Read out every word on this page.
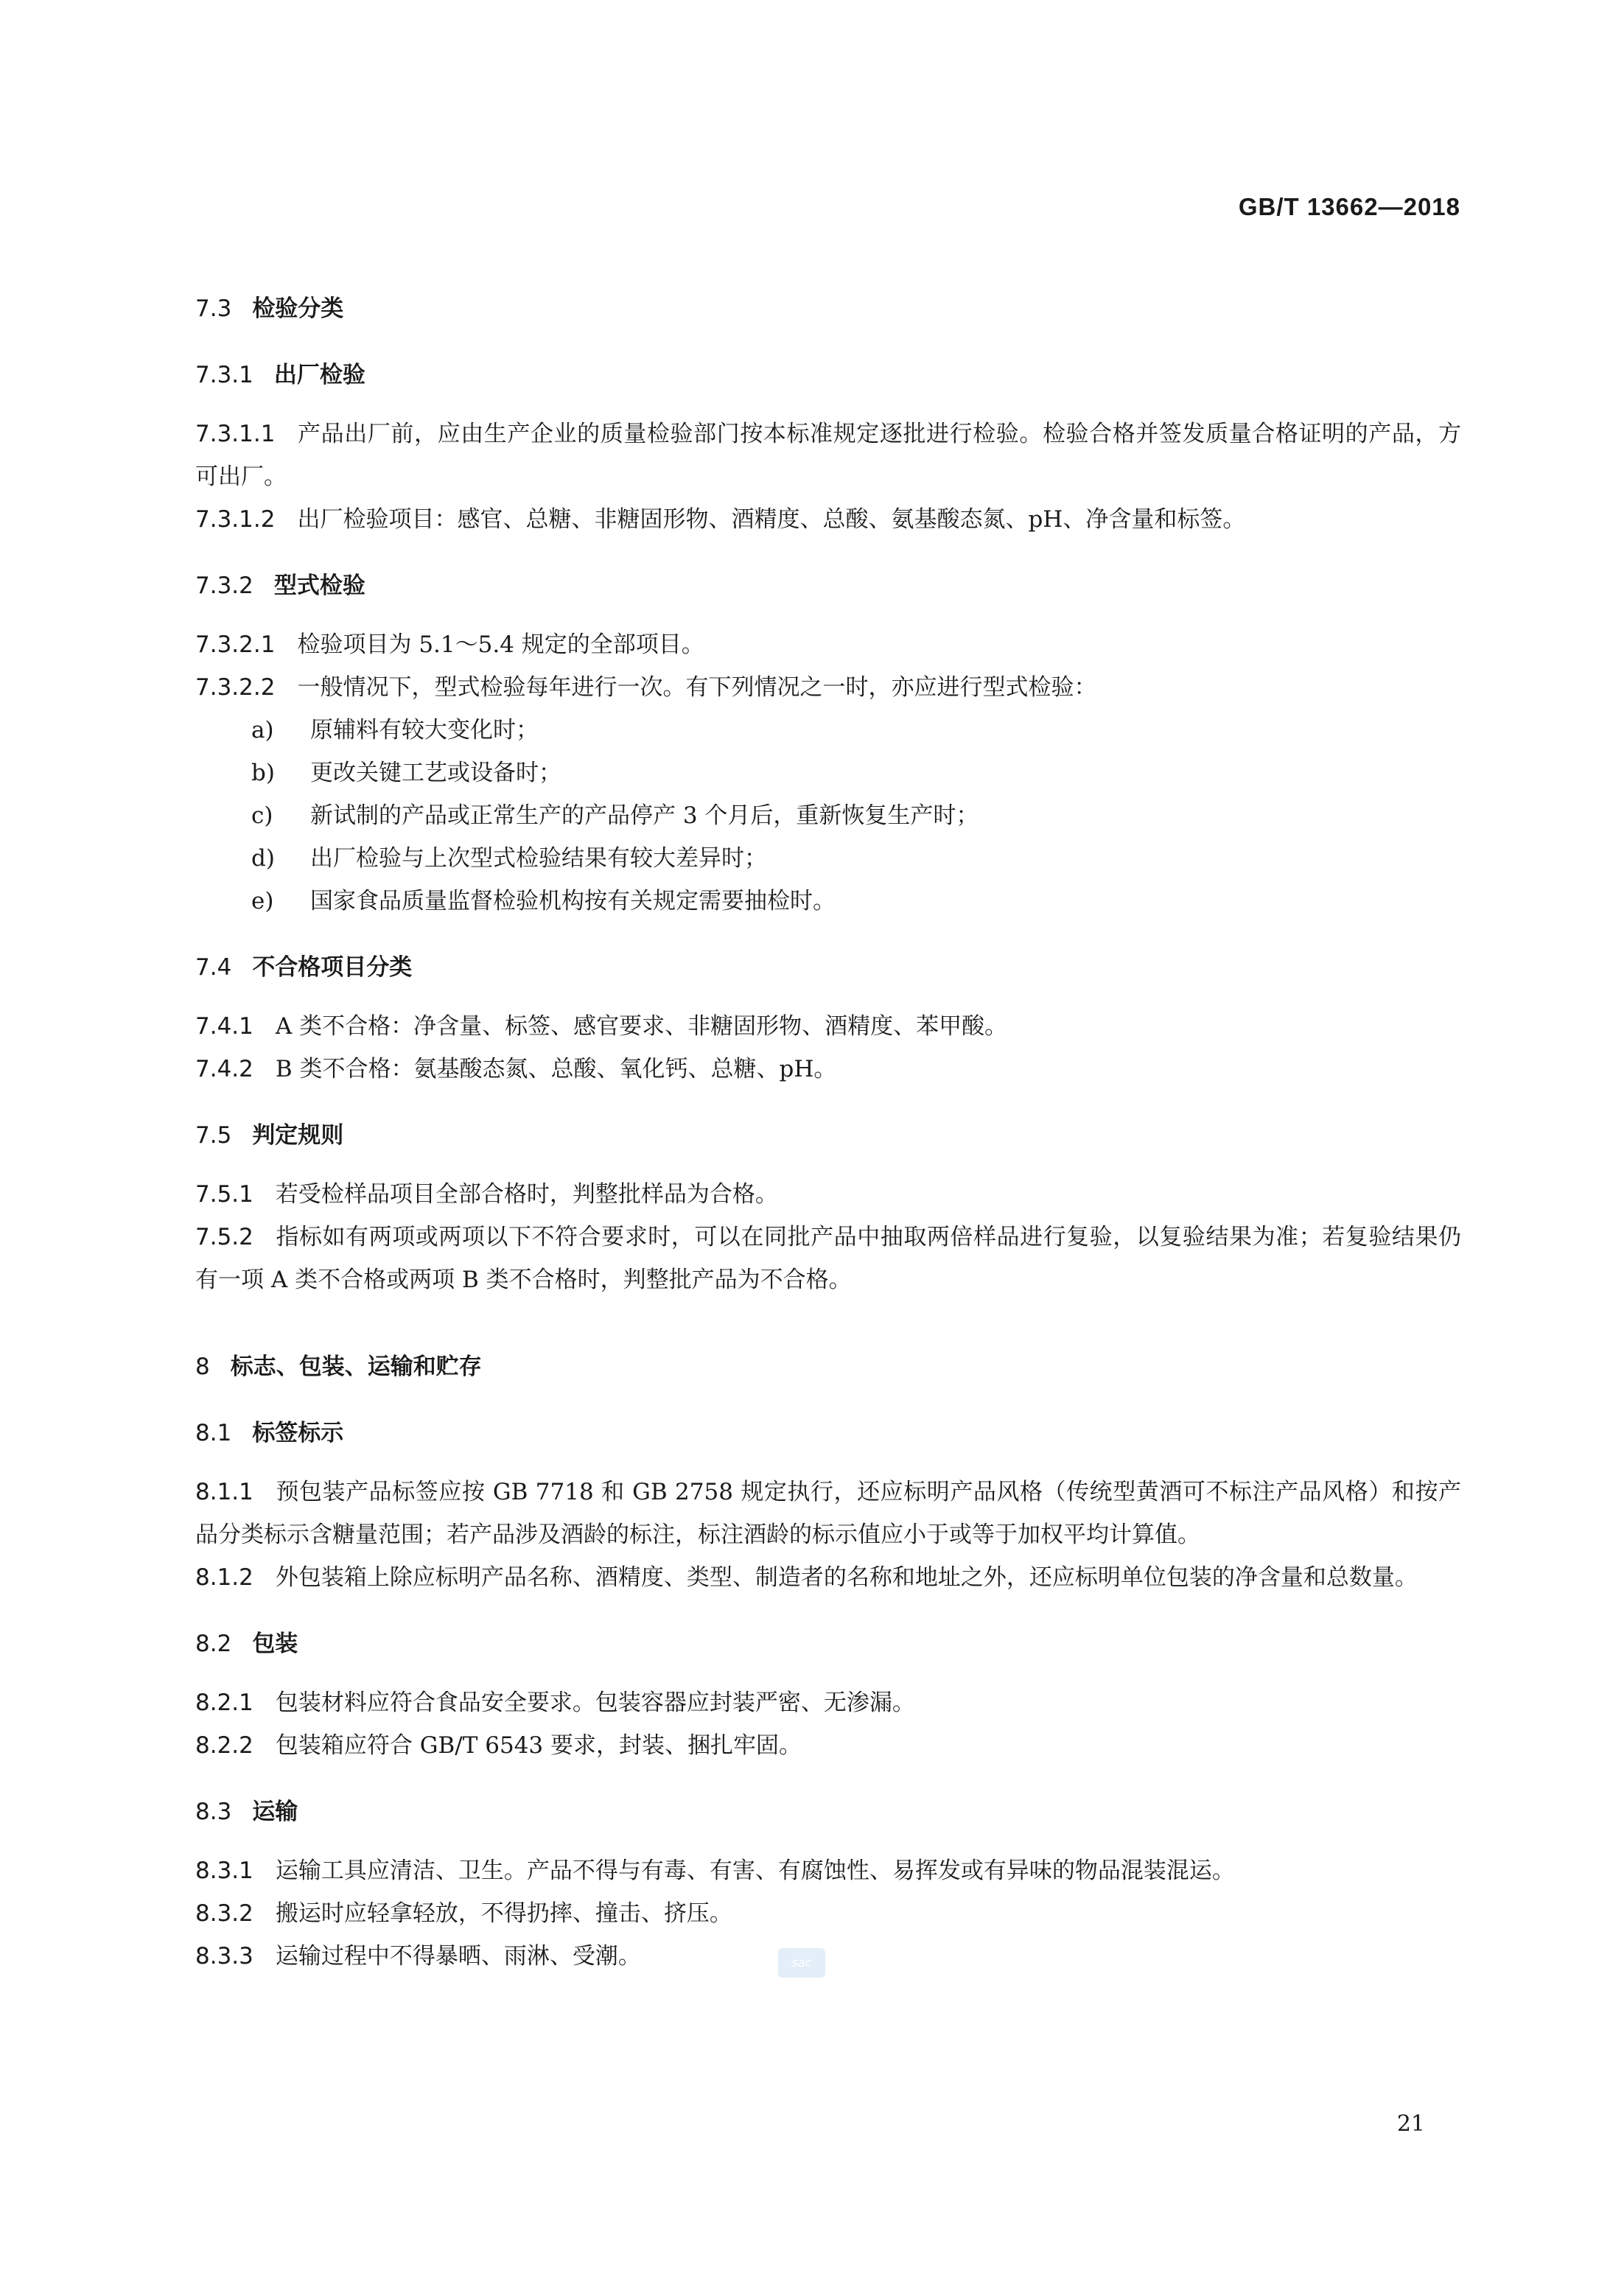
GB/T 13662—2018
7.3 检验分类
7.3.1 出厂检验

7.3.1.1 产品出厂前，应由生产企业的质量检验部门按本标准规定逐批进行检验。检验合格并签发质量合格证明的产品，方可出厂。

7.3.1.2 出厂检验项目：感官、总糖、非糖固形物、酒精度、总酸、氨基酸态氮、pH、净含量和标签。

7.3.2 型式检验

7.3.2.1 检验项目为 5.1～5.4 规定的全部项目。

7.3.2.2 一般情况下，型式检验每年进行一次。有下列情况之一时，亦应进行型式检验：

a) 原辅料有较大变化时；
b) 更改关键工艺或设备时；
c) 新试制的产品或正常生产的产品停产 3 个月后，重新恢复生产时；
d) 出厂检验与上次型式检验结果有较大差异时；
e) 国家食品质量监督检验机构按有关规定需要抽检时。
7.4 不合格项目分类

7.4.1 A 类不合格：净含量、标签、感官要求、非糖固形物、酒精度、苯甲酸。

7.4.2 B 类不合格：氨基酸态氮、总酸、氧化钙、总糖、pH。

7.5 判定规则

7.5.1 若受检样品项目全部合格时，判整批样品为合格。

7.5.2 指标如有两项或两项以下不符合要求时，可以在同批产品中抽取两倍样品进行复验，以复验结果为准；若复验结果仍有一项 A 类不合格或两项 B 类不合格时，判整批产品为不合格。

8 标志、包装、运输和贮存
8.1 标签标示

8.1.1 预包装产品标签应按 GB 7718 和 GB 2758 规定执行，还应标明产品风格（传统型黄酒可不标注产品风格）和按产品分类标示含糖量范围；若产品涉及酒龄的标注，标注酒龄的标示值应小于或等于加权平均计算值。

8.1.2 外包装箱上除应标明产品名称、酒精度、类型、制造者的名称和地址之外，还应标明单位包装的净含量和总数量。

8.2 包装

8.2.1 包装材料应符合食品安全要求。包装容器应封装严密、无渗漏。

8.2.2 包装箱应符合 GB/T 6543 要求，封装、捆扎牢固。

8.3 运输

8.3.1 运输工具应清洁、卫生。产品不得与有毒、有害、有腐蚀性、易挥发或有异味的物品混装混运。

8.3.2 搬运时应轻拿轻放，不得扔摔、撞击、挤压。

8.3.3 运输过程中不得暴晒、雨淋、受潮。	sac
21
